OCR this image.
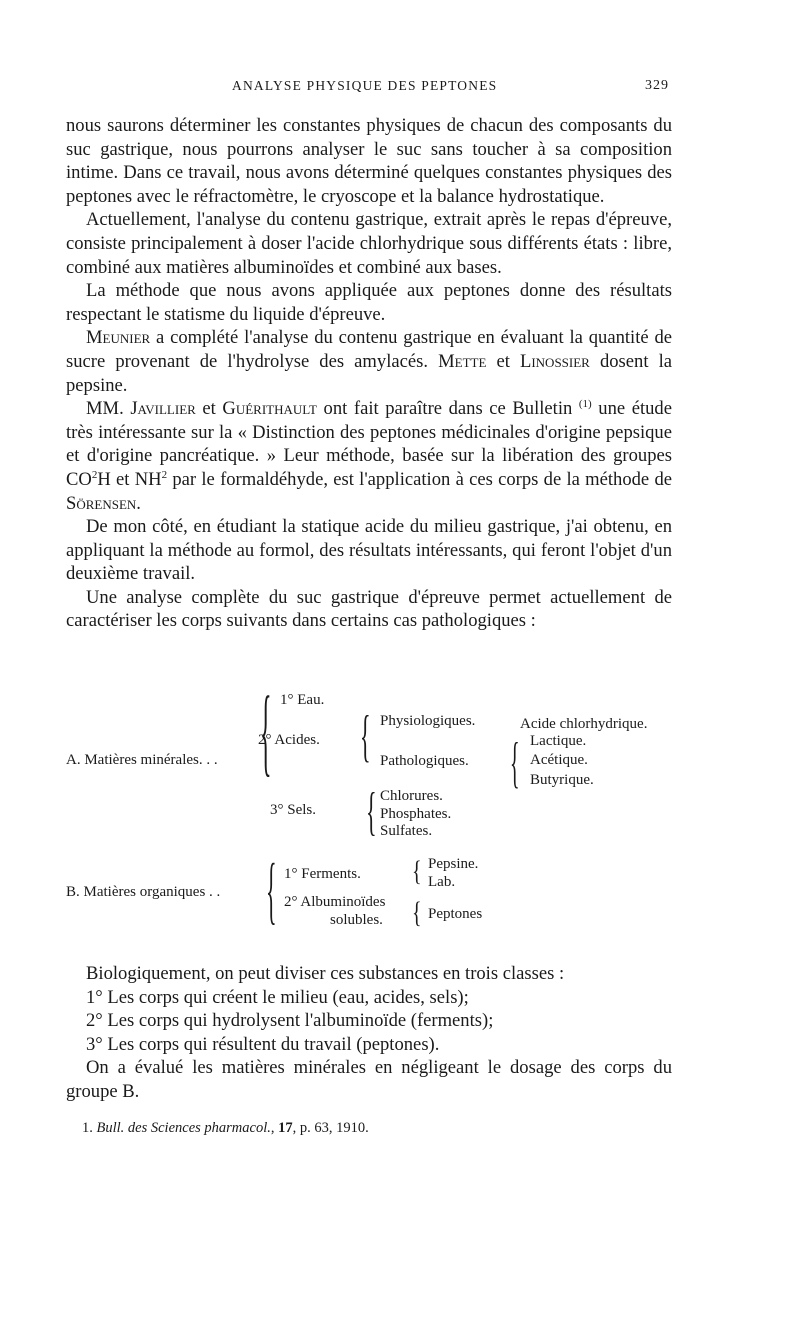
ANALYSE PHYSIQUE DES PEPTONES	329

nous saurons déterminer les constantes physiques de chacun des composants du suc gastrique, nous pourrons analyser le suc sans toucher à sa composition intime. Dans ce travail, nous avons déterminé quelques constantes physiques des peptones avec le réfractomètre, le cryoscope et la balance hydrostatique.

Actuellement, l'analyse du contenu gastrique, extrait après le repas d'épreuve, consiste principalement à doser l'acide chlorhydrique sous différents états : libre, combiné aux matières albuminoïdes et combiné aux bases.

La méthode que nous avons appliquée aux peptones donne des résultats respectant le statisme du liquide d'épreuve.

Meunier a complété l'analyse du contenu gastrique en évaluant la quantité de sucre provenant de l'hydrolyse des amylacés. Mette et Linossier dosent la pepsine.

MM. Javillier et Guérithault ont fait paraître dans ce Bulletin $^{(1)}$ une étude très intéressante sur la « Distinction des peptones médicinales d'origine pepsique et d'origine pancréatique. » Leur méthode, basée sur la libération des groupes $CO^2H$ et $NH^2$ par le formaldéhyde, est l'application à ces corps de la méthode de Sörensen.

De mon côté, en étudiant la statique acide du milieu gastrique, j'ai obtenu, en appliquant la méthode au formol, des résultats intéressants, qui feront l'objet d'un deuxième travail.

Une analyse complète du suc gastrique d'épreuve permet actuellement de caractériser les corps suivants dans certains cas pathologiques :

{ 1° Eau.
2° Acides. { Physiologiques.
Pathologiques. {
Acide chlorhydrique.
Lactique.
Acétique.
Butyrique.
A. Matières minérales. . .
3° Sels. { Chlorures.
Phosphates.
Sulfates.
B. Matières organiques . . { 1° Ferments.
2° Albuminoïdes
solubles.
{ Pepsine.
Lab.
{ Peptones

Biologiquement, on peut diviser ces substances en trois classes :

1° Les corps qui créent le milieu (eau, acides, sels);

2° Les corps qui hydrolysent l'albuminoïde (ferments);

3° Les corps qui résultent du travail (peptones).

On a évalué les matières minérales en négligeant le dosage des corps du groupe B.

1. Bull. des Sciences pharmacol., 17, p. 63, 1910.
